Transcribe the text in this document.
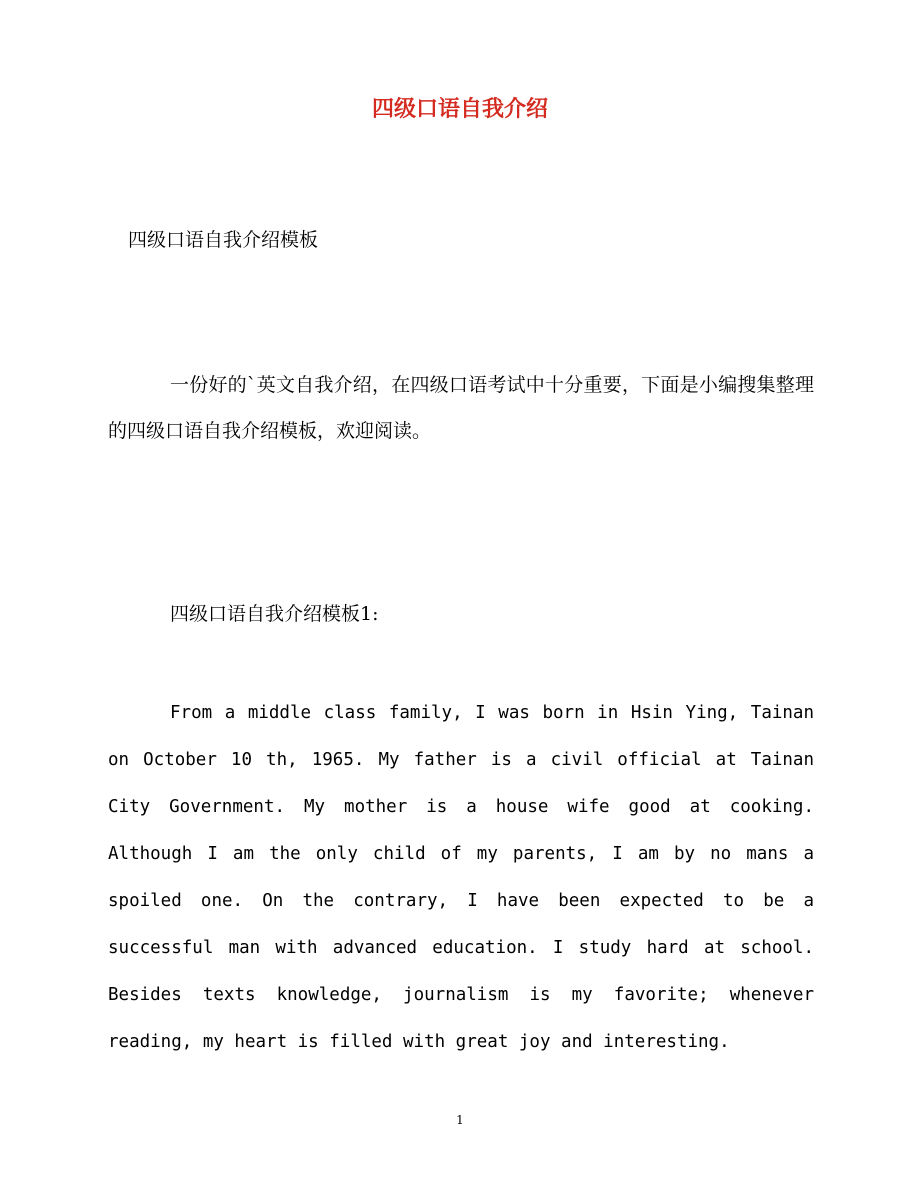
四级口语自我介绍
四级口语自我介绍模板
一份好的`英文自我介绍，在四级口语考试中十分重要，下面是小编搜集整理的四级口语自我介绍模板，欢迎阅读。
四级口语自我介绍模板1:
From a middle class family, I was born in Hsin Ying, Tainan on October 10 th, 1965. My father is a civil official at Tainan City Government. My mother is a house wife good at cooking. Although I am the only child of my parents, I am by no mans a spoiled one. On the contrary, I have been expected to be a successful man with advanced education. I study hard at school. Besides texts knowledge, journalism is my favorite; whenever reading, my heart is filled with great joy and interesting.
1
